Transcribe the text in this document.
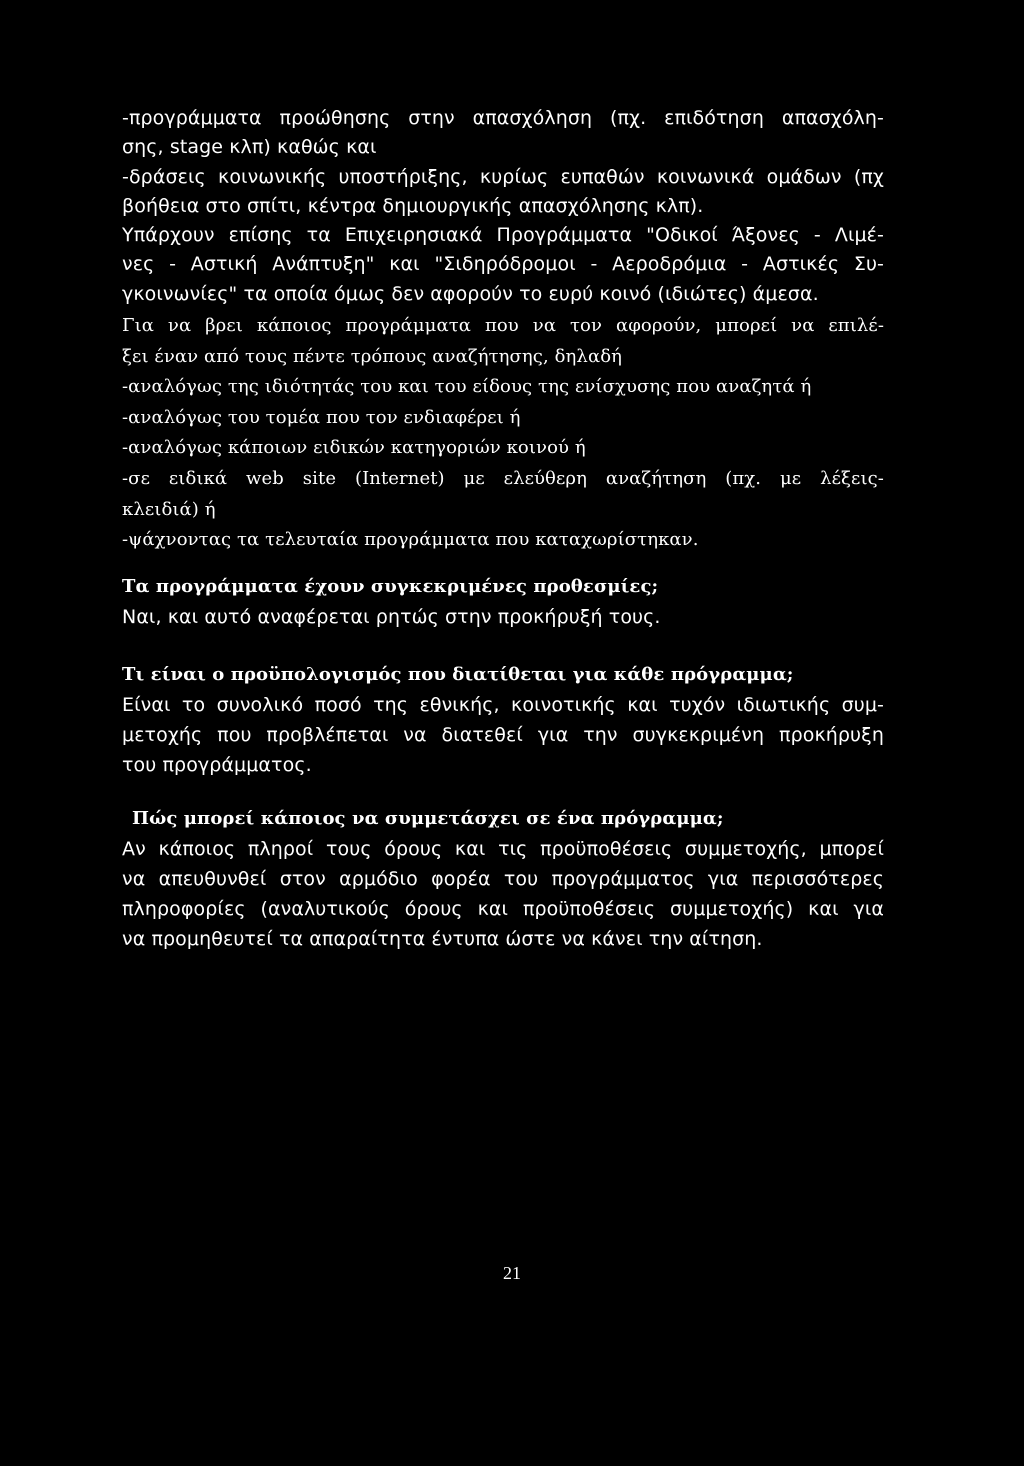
-προγράμματα προώθησης στην απασχόληση (πχ. επιδότηση απασχόλη-
σης, stage κλπ) καθώς και
-δράσεις κοινωνικής υποστήριξης, κυρίως ευπαθών κοινωνικά ομάδων (πχ
βοήθεια στο σπίτι, κέντρα δημιουργικής απασχόλησης κλπ).
Υπάρχουν επίσης τα Επιχειρησιακά Προγράμματα "Οδικοί Άξονες - Λιμέ-
νες - Αστική Ανάπτυξη" και "Σιδηρόδρομοι - Αεροδρόμια - Αστικές Συ-
γκοινωνίες" τα οποία όμως δεν αφορούν το ευρύ κοινό (ιδιώτες) άμεσα.
Για να βρει κάποιος προγράμματα που να τον αφορούν, μπορεί να επιλέ-
ξει έναν από τους πέντε τρόπους αναζήτησης, δηλαδή
-αναλόγως της ιδιότητάς του και του είδους της ενίσχυσης που αναζητά ή
-αναλόγως του τομέα που τον ενδιαφέρει ή
-αναλόγως κάποιων ειδικών κατηγοριών κοινού ή
-σε ειδικά web site (Internet) με ελεύθερη αναζήτηση (πχ. με λέξεις-
κλειδιά) ή
-ψάχνοντας τα τελευταία προγράμματα που καταχωρίστηκαν.
Τα προγράμματα έχουν συγκεκριμένες προθεσμίες;
Ναι, και αυτό αναφέρεται ρητώς στην προκήρυξή τους.
Τι είναι ο προϋπολογισμός που διατίθεται για κάθε πρόγραμμα;
Είναι το συνολικό ποσό της εθνικής, κοινοτικής και τυχόν ιδιωτικής συμ-
μετοχής που προβλέπεται να διατεθεί για την συγκεκριμένη προκήρυξη
του προγράμματος.
Πώς μπορεί κάποιος να συμμετάσχει σε ένα πρόγραμμα;
Αν κάποιος πληροί τους όρους και τις προϋποθέσεις συμμετοχής, μπορεί
να απευθυνθεί στον αρμόδιο φορέα του προγράμματος για περισσότερες
πληροφορίες (αναλυτικούς όρους και προϋποθέσεις συμμετοχής) και για
να προμηθευτεί τα απαραίτητα έντυπα ώστε να κάνει την αίτηση.
21
